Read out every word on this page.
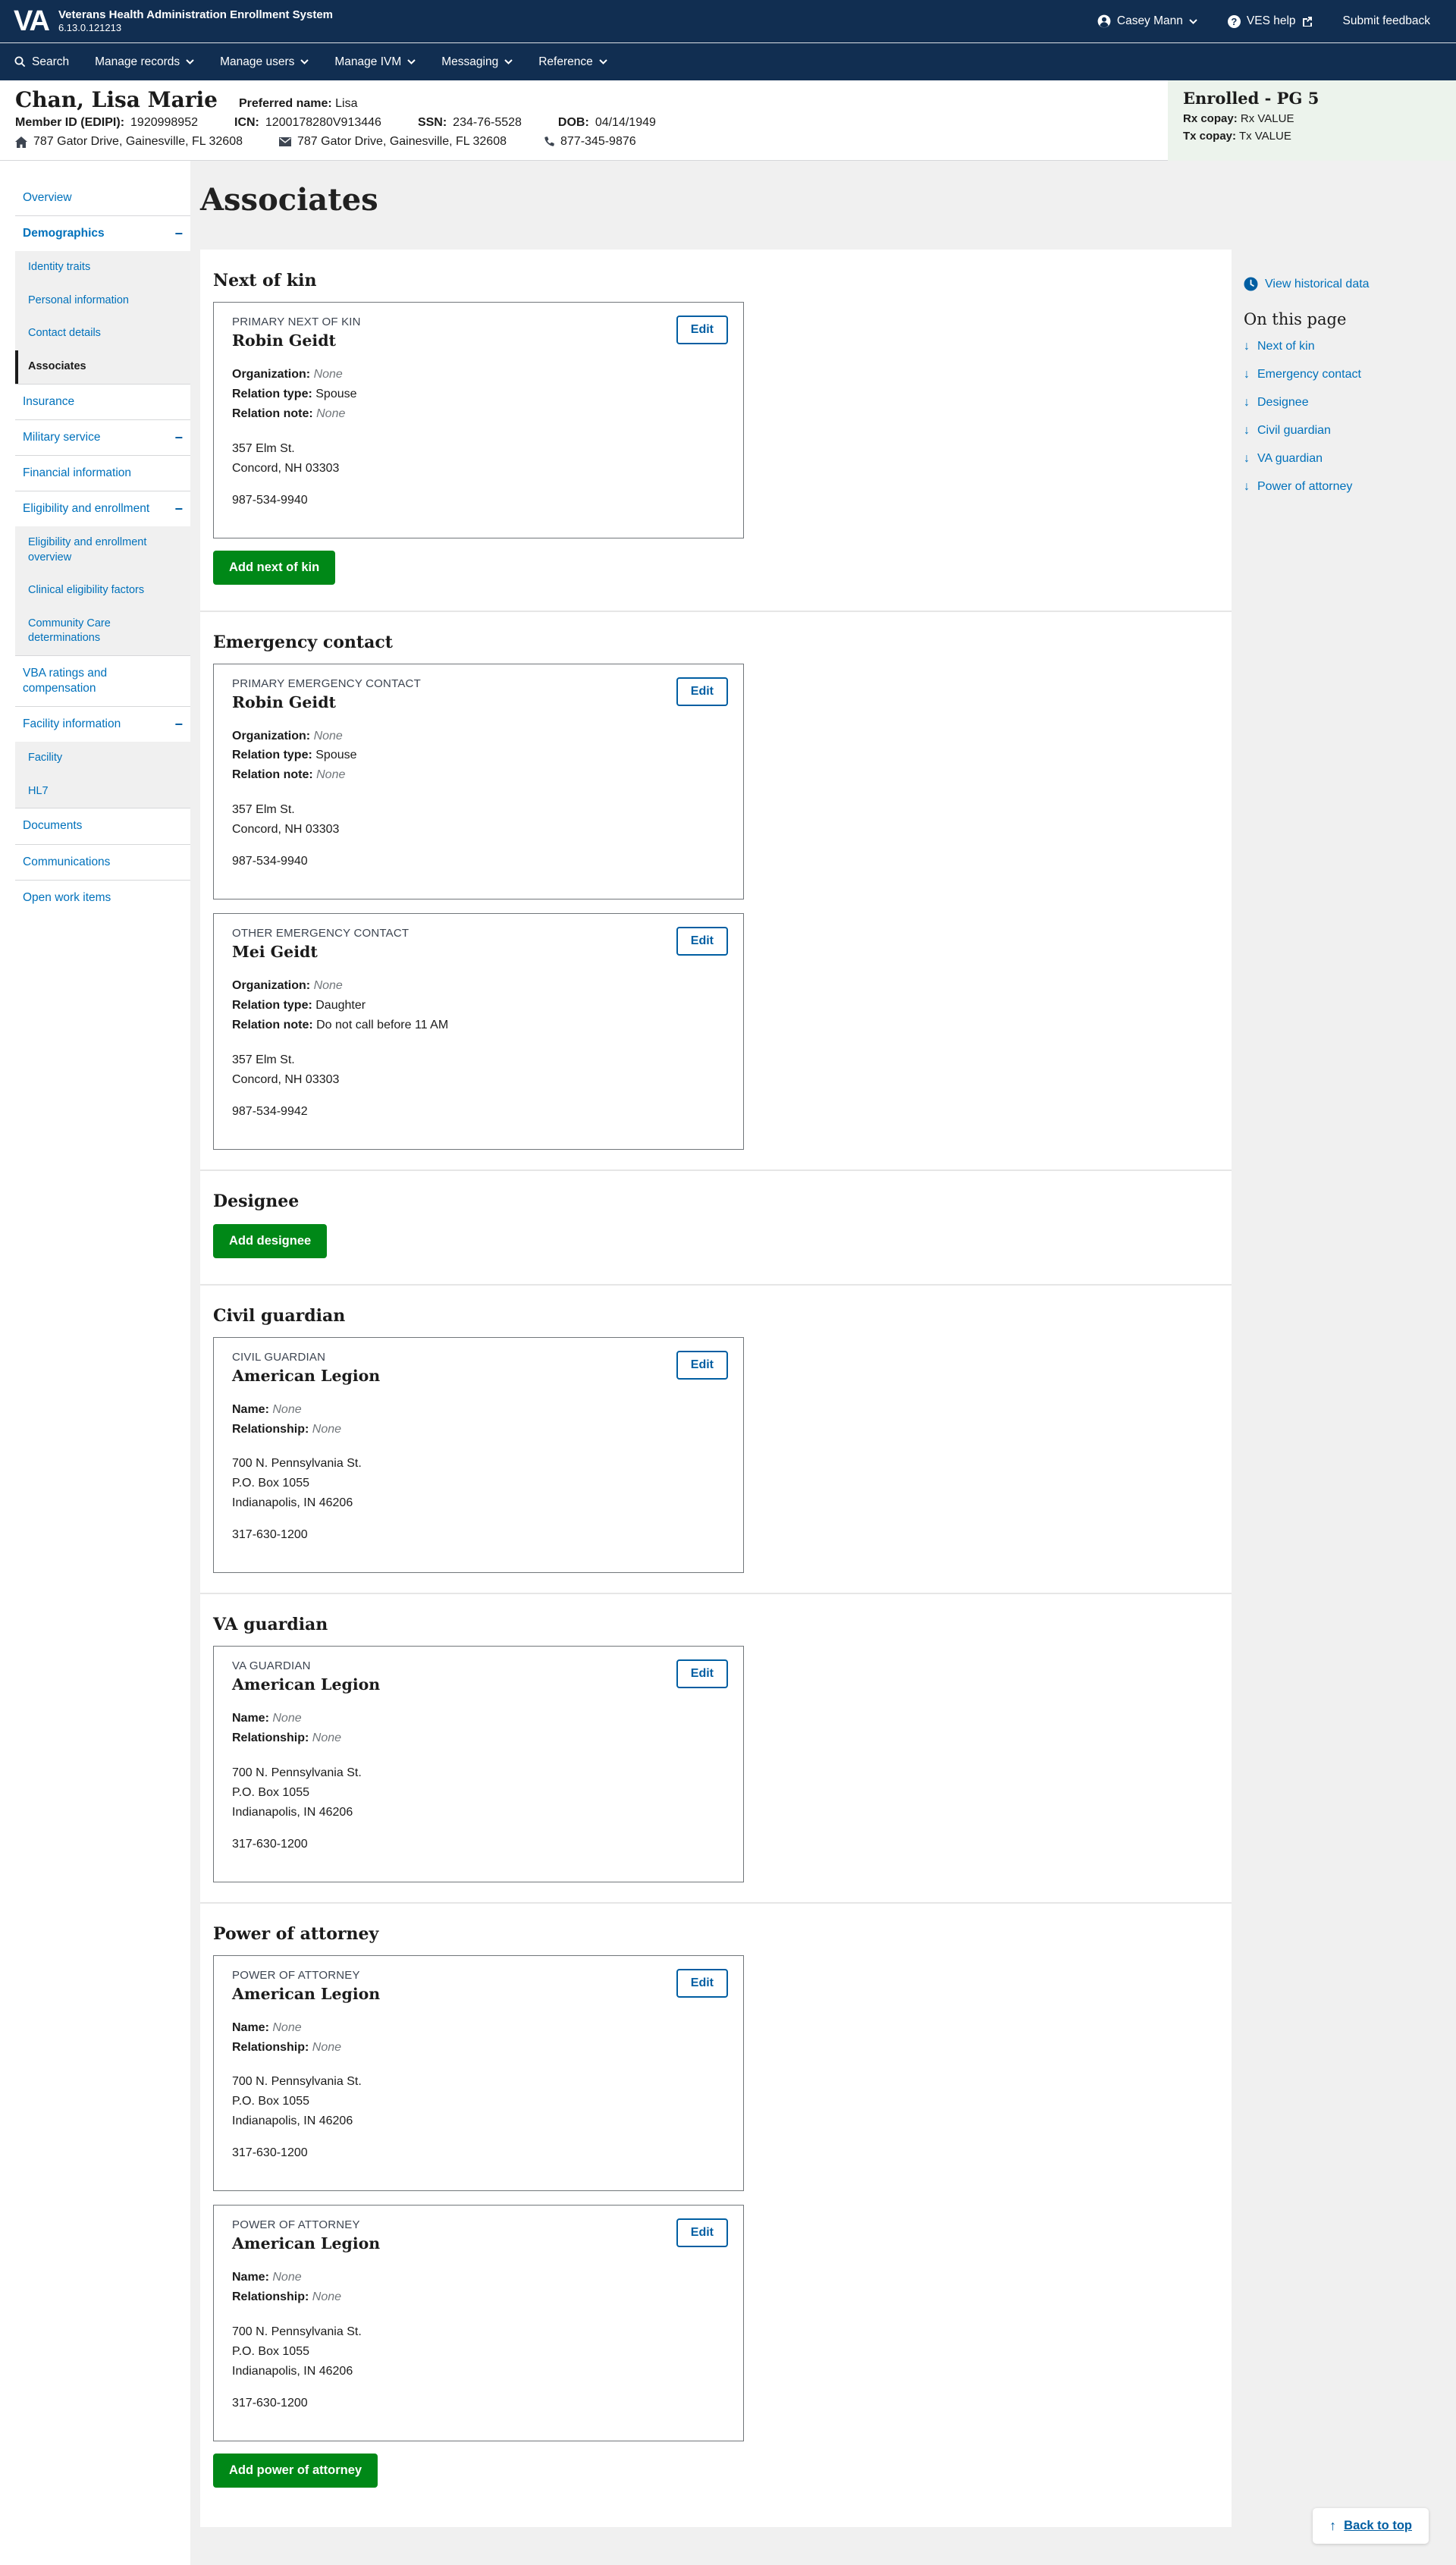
VA Veterans Health Administration Enrollment System
6.13.0.121213
Casey Mann ?	VES help	Submit feedback
Search Manage records	Manage users	Manage IVM	Messaging	Reference
Chan, Lisa Marie Preferred name: Lisa
Member ID (EDIPI): 1920998952	ICN: 1200178280V913446	SSN: 234-76-5528	DOB: 04/14/1949
787 Gator Drive, Gainesville, FL 32608	787 Gator Drive, Gainesville, FL 32608	877-345-9876
Enrolled - PG 5
Rx copay: Rx VALUE
Tx copay: Tx VALUE
Overview
Demographics
−
Identity traits
Personal information
Contact details
Associates
Insurance
Military service
−
Financial information
Eligibility and enrollment
−
Eligibility and enrollment overview
Clinical eligibility factors
Community Care determinations
VBA ratings and compensation
Facility information
−
Facility
HL7
Documents
Communications
Open work items
Associates
Next of kin
PRIMARY NEXT OF KIN
Robin Geidt
Edit

Organization: None

Relation type: Spouse

Relation note: None

357 Elm St.

Concord, NH 03303

987-534-9940

Add next of kin
Emergency contact
PRIMARY EMERGENCY CONTACT
Robin Geidt
Edit

Organization: None

Relation type: Spouse

Relation note: None

357 Elm St.

Concord, NH 03303

987-534-9940

OTHER EMERGENCY CONTACT
Mei Geidt
Edit

Organization: None

Relation type: Daughter

Relation note: Do not call before 11 AM

357 Elm St.

Concord, NH 03303

987-534-9942

Designee
Add designee
Civil guardian
CIVIL GUARDIAN
American Legion
Edit

Name: None

Relationship: None

700 N. Pennsylvania St.

P.O. Box 1055

Indianapolis, IN 46206

317-630-1200

VA guardian
VA GUARDIAN
American Legion
Edit

Name: None

Relationship: None

700 N. Pennsylvania St.

P.O. Box 1055

Indianapolis, IN 46206

317-630-1200

Power of attorney
POWER OF ATTORNEY
American Legion
Edit

Name: None

Relationship: None

700 N. Pennsylvania St.

P.O. Box 1055

Indianapolis, IN 46206

317-630-1200

POWER OF ATTORNEY
American Legion
Edit

Name: None

Relationship: None

700 N. Pennsylvania St.

P.O. Box 1055

Indianapolis, IN 46206

317-630-1200

Add power of attorney
View historical data
On this page
↓
Next of kin
↓
Emergency contact
↓
Designee
↓
Civil guardian
↓
VA guardian
↓
Power of attorney
↑
Back to top
